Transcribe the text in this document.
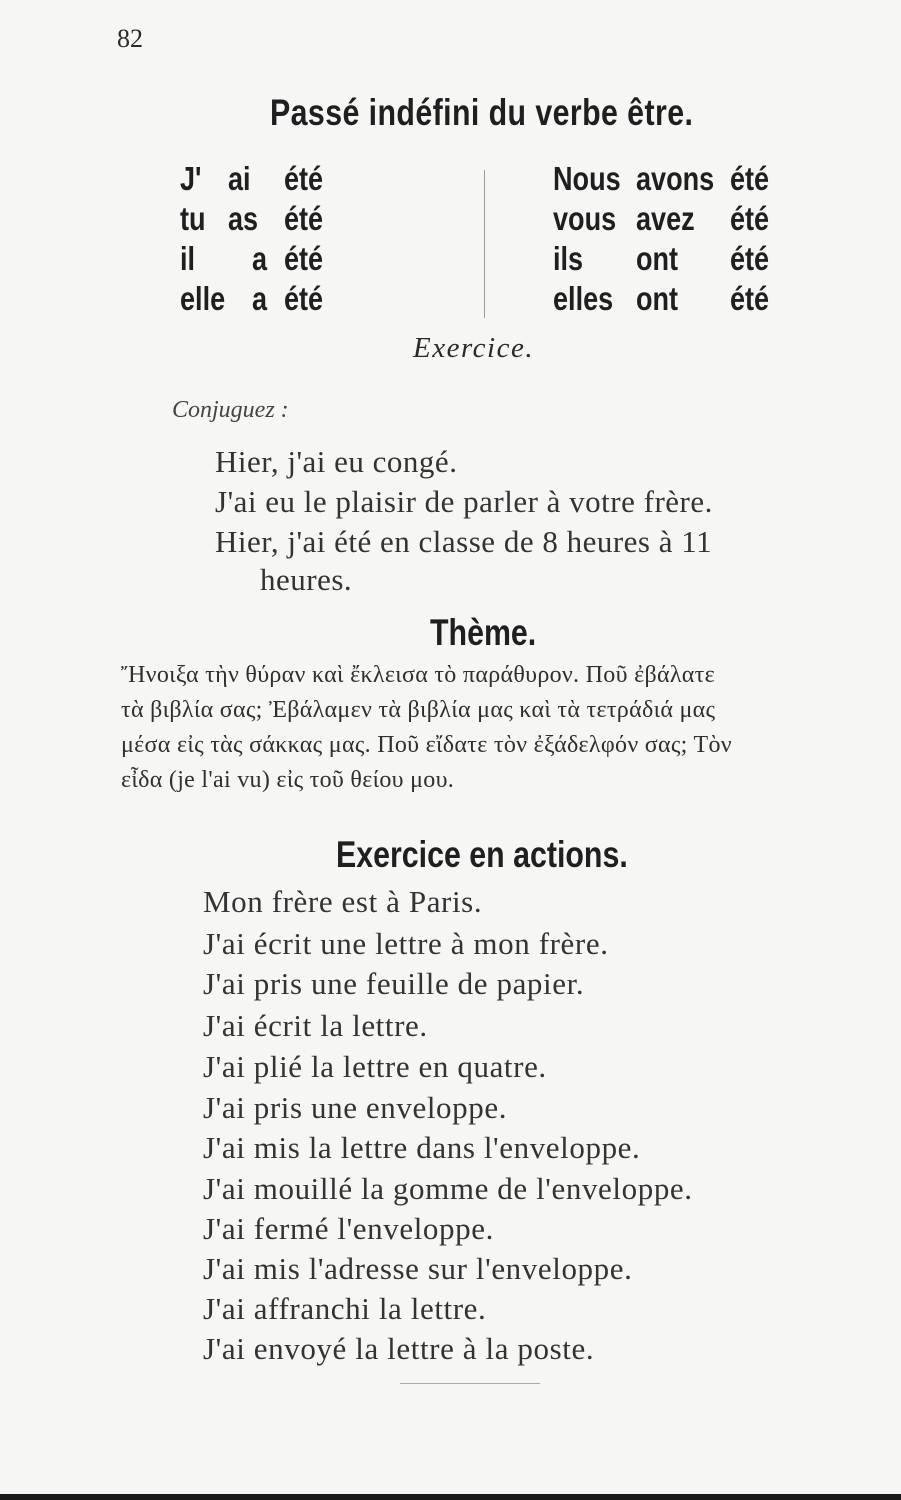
82
Passé indéfini du verbe être.
J' ai été
tu as été
il a été
elle a été
Nous avons été
vous avez été
ils ont été
elles ont été
Exercice.
Conjuguez :
Hier, j'ai eu congé.
J'ai eu le plaisir de parler à votre frère.
Hier, j'ai été en classe de 8 heures à 11
heures.
Thème.
Ἤνοιξα τὴν θύραν καὶ ἔκλεισα τὸ παράθυρον. Ποῦ ἐβάλατε
τὰ βιβλία σας; Ἐβάλαμεν τὰ βιβλία μας καὶ τὰ τετράδιά μας
μέσα εἰς τὰς σάκκας μας. Ποῦ εἴδατε τὸν ἐξάδελφόν σας; Τὸν
εἶδα (je l'ai vu) εἰς τοῦ θείου μου.
Exercice en actions.
Mon frère est à Paris.
J'ai écrit une lettre à mon frère.
J'ai pris une feuille de papier.
J'ai écrit la lettre.
J'ai plié la lettre en quatre.
J'ai pris une enveloppe.
J'ai mis la lettre dans l'enveloppe.
J'ai mouillé la gomme de l'enveloppe.
J'ai fermé l'enveloppe.
J'ai mis l'adresse sur l'enveloppe.
J'ai affranchi la lettre.
J'ai envoyé la lettre à la poste.
